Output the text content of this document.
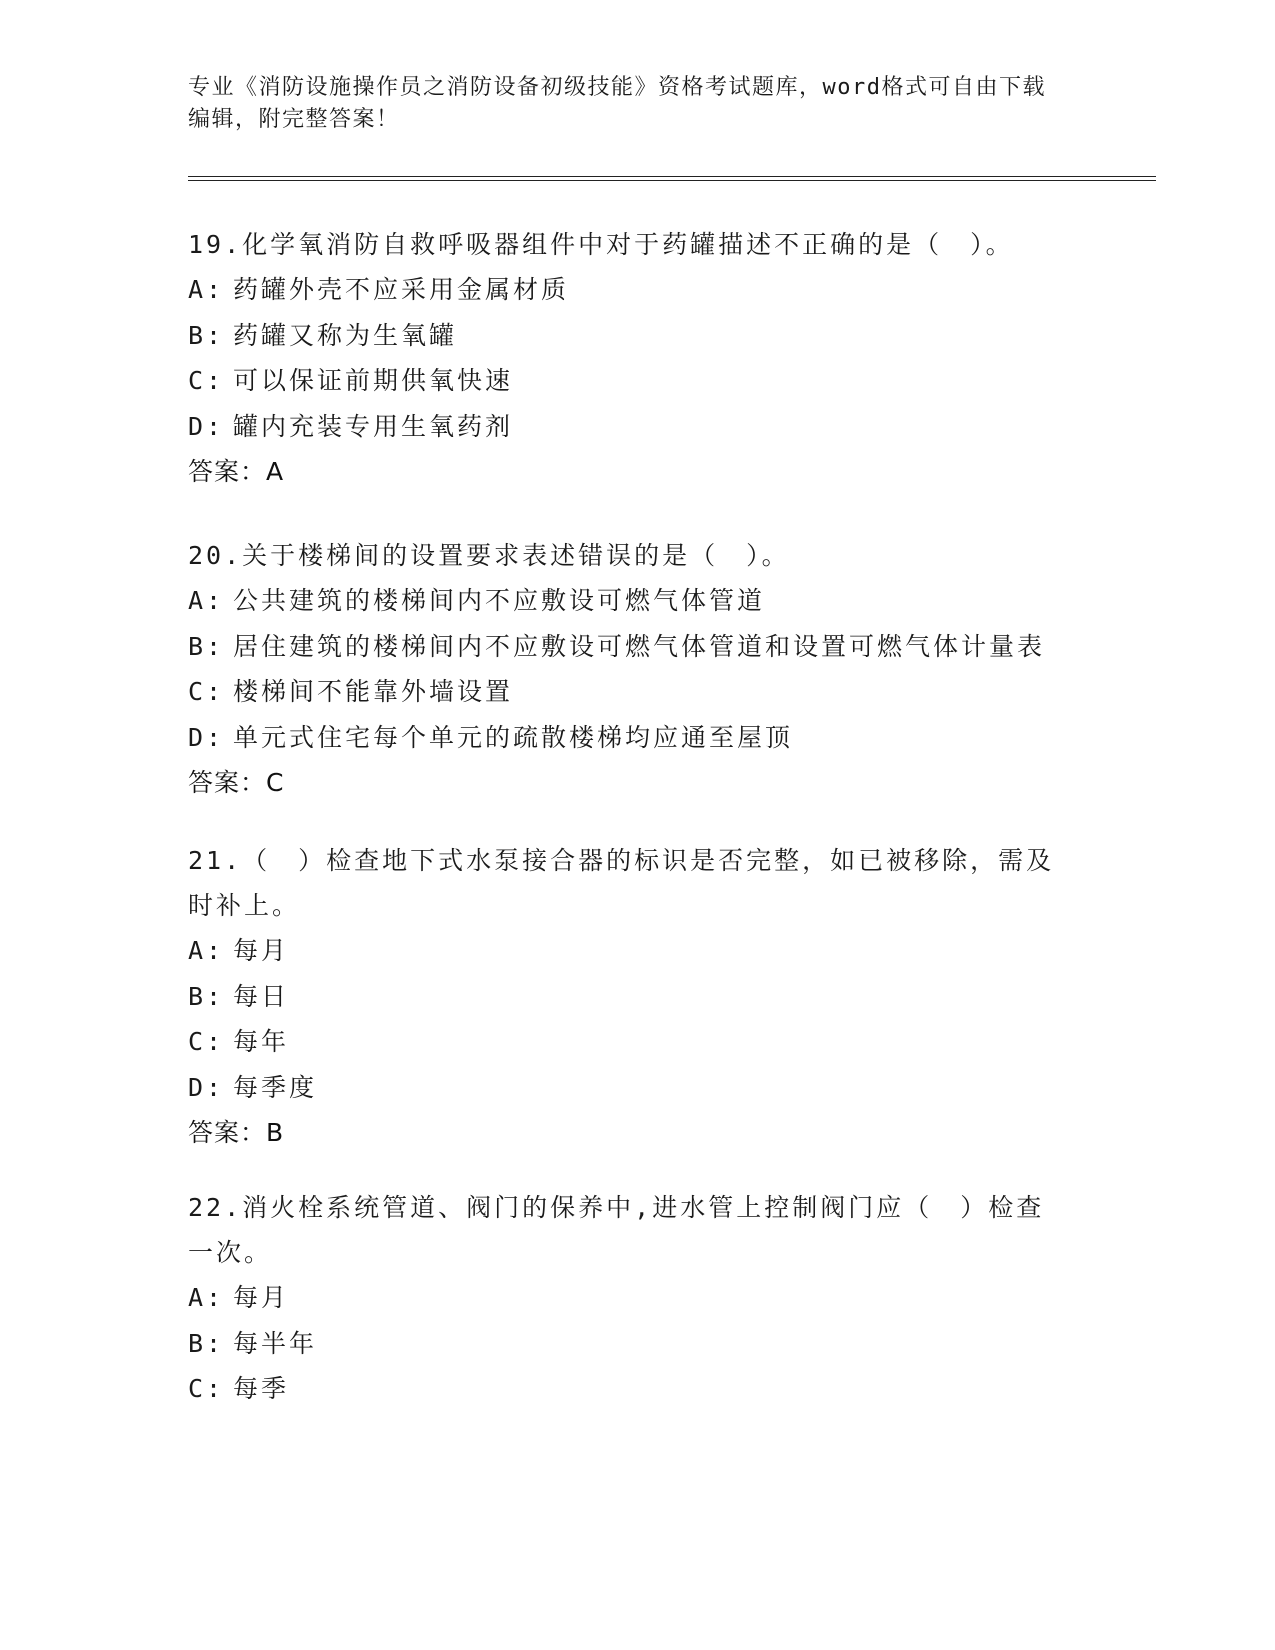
专业《消防设施操作员之消防设备初级技能》资格考试题库，word格式可自由下载编辑，附完整答案！

19.化学氧消防自救呼吸器组件中对于药罐描述不正确的是（　）。

A: 药罐外壳不应采用金属材质

B: 药罐又称为生氧罐

C: 可以保证前期供氧快速

D: 罐内充装专用生氧药剂

答案：A

20.关于楼梯间的设置要求表述错误的是（　）。

A: 公共建筑的楼梯间内不应敷设可燃气体管道

B: 居住建筑的楼梯间内不应敷设可燃气体管道和设置可燃气体计量表

C: 楼梯间不能靠外墙设置

D: 单元式住宅每个单元的疏散楼梯均应通至屋顶

答案：C

21.（　）检查地下式水泵接合器的标识是否完整，如已被移除，需及时补上。

A: 每月

B: 每日

C: 每年

D: 每季度

答案：B

22.消火栓系统管道、阀门的保养中,进水管上控制阀门应（　）检查一次。

A: 每月

B: 每半年

C: 每季
